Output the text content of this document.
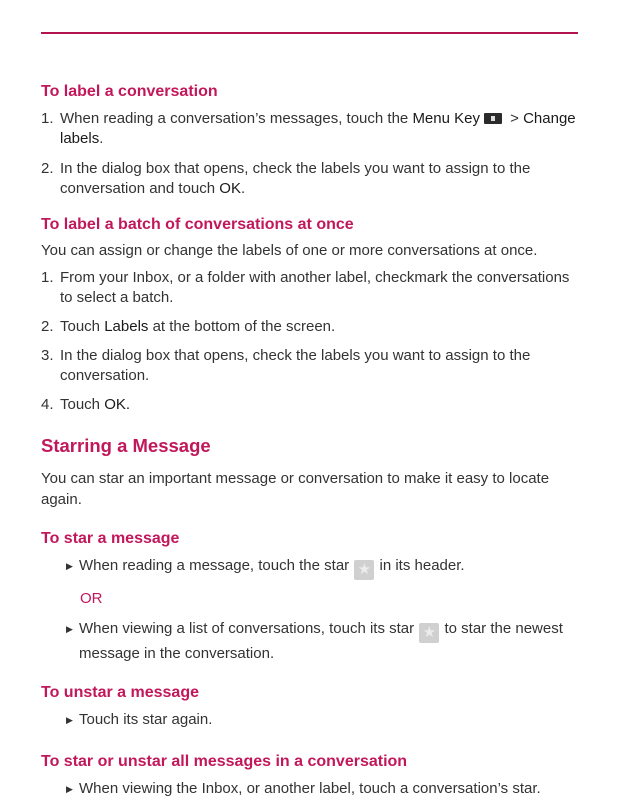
To label a conversation
1. When reading a conversation’s messages, touch the Menu Key > Change labels.
2. In the dialog box that opens, check the labels you want to assign to the conversation and touch OK.
To label a batch of conversations at once

You can assign or change the labels of one or more conversations at once.

1. From your Inbox, or a folder with another label, checkmark the conversations to select a batch.
2. Touch Labels at the bottom of the screen.
3. In the dialog box that opens, check the labels you want to assign to the conversation.
4. Touch OK.
Starring a Message

You can star an important message or conversation to make it easy to locate again.

To star a message
▶ When reading a message, touch the star ★ in its header.
OR
▶ When viewing a list of conversations, touch its star ★ to star the newest message in the conversation.
To unstar a message
▶ Touch its star again.
To star or unstar all messages in a conversation
▶ When viewing the Inbox, or another label, touch a conversation’s star.
